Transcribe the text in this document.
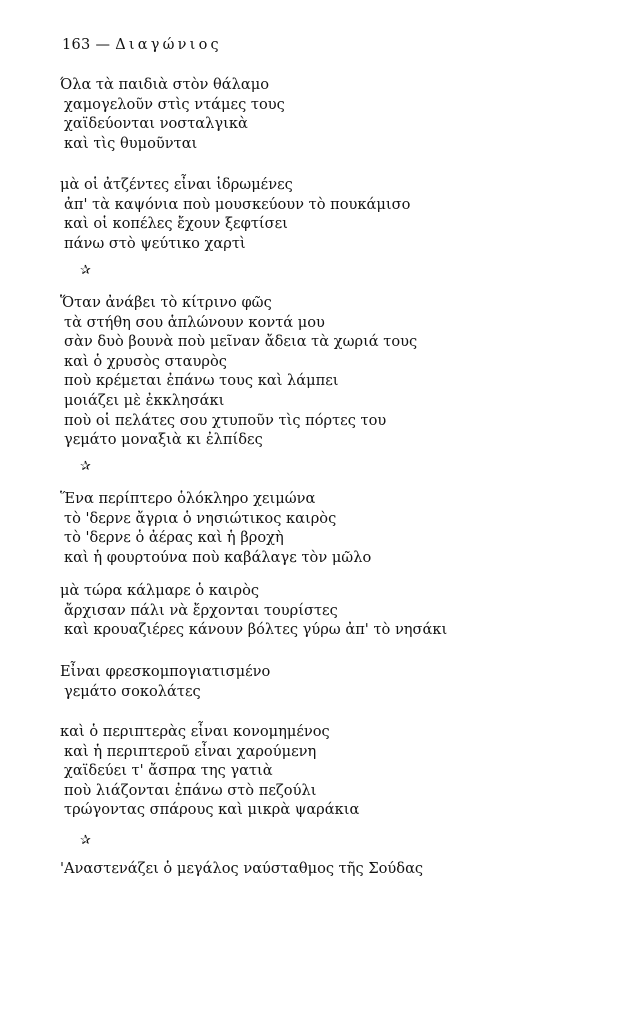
163 — Διαγώνιος
Όλα τὰ παιδιὰ στὸν θάλαμο
χαμογελοῦν στὶς ντάμες τους
χαϊδεύονται νοσταλγικὰ
καὶ τὶς θυμοῦνται
μὰ οἱ ἀτζέντες εἶναι ἱδρωμένες
ἀπ' τὰ καψόνια ποὺ μουσκεύουν τὸ πουκάμισο
καὶ οἱ κοπέλες ἔχουν ξεφτίσει
πάνω στὸ ψεύτικο χαρτὶ
Ὅταν ἀνάβει τὸ κίτρινο φῶς
τὰ στήθη σου ἁπλώνουν κοντά μου
σὰν δυὸ βουνὰ ποὺ μεῖναν ἄδεια τὰ χωριά τους
καὶ ὁ χρυσὸς σταυρὸς
ποὺ κρέμεται ἐπάνω τους καὶ λάμπει
μοιάζει μὲ ἐκκλησάκι
ποὺ οἱ πελάτες σου χτυποῦν τὶς πόρτες του
γεμάτο μοναξιὰ κι ἐλπίδες
Ἕνα περίπτερο ὁλόκληρο χειμώνα
τὸ 'δερνε ἄγρια ὁ νησιώτικος καιρὸς
τὸ 'δερνε ὁ ἀέρας καὶ ἡ βροχὴ
καὶ ἡ φουρτούνα ποὺ καβάλαγε τὸν μῶλο
μὰ τώρα κάλμαρε ὁ καιρὸς
ἄρχισαν πάλι νὰ ἔρχονται τουρίστες
καὶ κρουαζιέρες κάνουν βόλτες γύρω ἀπ' τὸ νησάκι
Εἶναι φρεσκομπογιατισμένο
γεμάτο σοκολάτες
καὶ ὁ περιπτερὰς εἶναι κονομημένος
καὶ ἡ περιπτεροῦ εἶναι χαρούμενη
χαϊδεύει τ' ἄσπρα της γατιὰ
ποὺ λιάζονται ἐπάνω στὸ πεζούλι
τρώγοντας σπάρους καὶ μικρὰ ψαράκια
'Αναστενάζει ὁ μεγάλος ναύσταθμος τῆς Σούδας
✰
✰
✰
